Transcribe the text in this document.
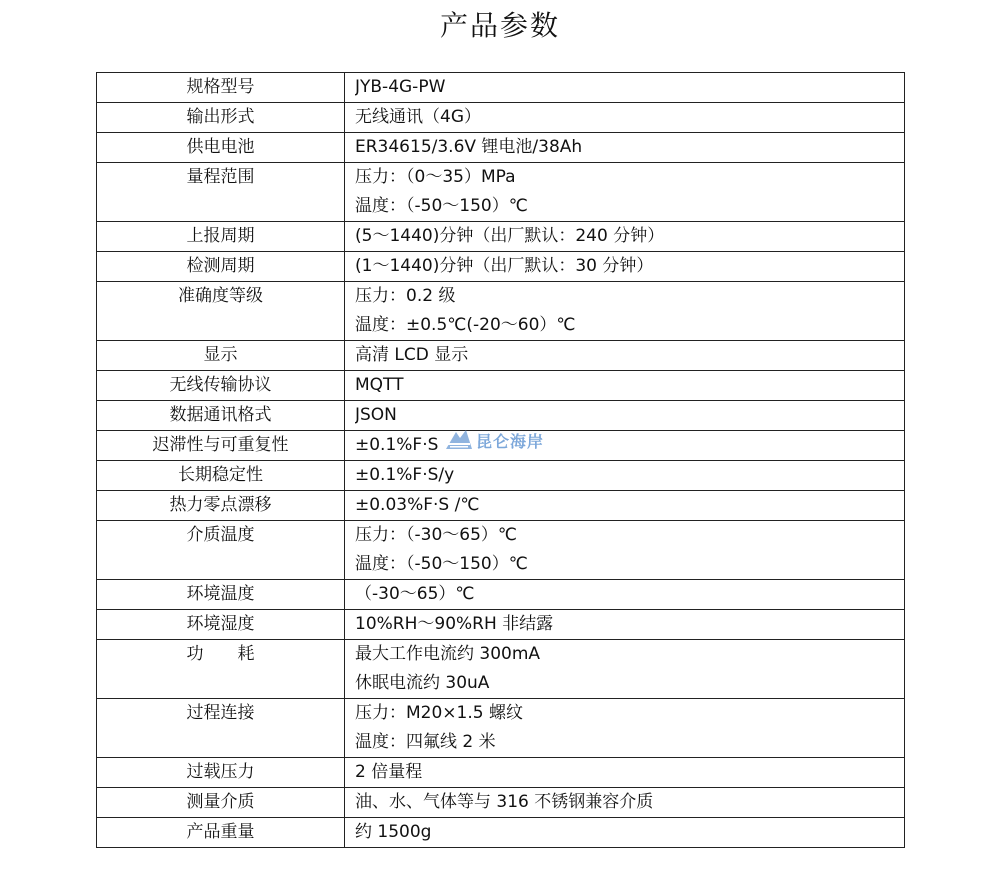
产品参数
规格型号	JYB-4G-PW

输出形式	无线通讯（4G）

供电电池	ER34615/3.6V 锂电池/38Ah

量程范围	压力：（0～35）MPa
温度：（-50～150）℃

上报周期	(5～1440)分钟（出厂默认：240 分钟）

检测周期	(1～1440)分钟（出厂默认：30 分钟）

准确度等级	压力：0.2 级
温度：±0.5℃(-20～60）℃

显示	高清 LCD 显示

无线传输协议	MQTT

数据通讯格式	JSON

迟滞性与可重复性	±0.1%F·S

长期稳定性	±0.1%F·S/y

热力零点漂移	±0.03%F·S /℃

介质温度	压力：（-30～65）℃
温度：（-50～150）℃

环境温度	（-30～65）℃

环境湿度	10%RH～90%RH 非结露

功　　耗	最大工作电流约 300mA
休眠电流约 30uA

过程连接	压力：M20×1.5 螺纹
温度：四氟线 2 米

过载压力	2 倍量程

测量介质	油、水、气体等与 316 不锈钢兼容介质

产品重量	约 1500g
昆仑海岸
